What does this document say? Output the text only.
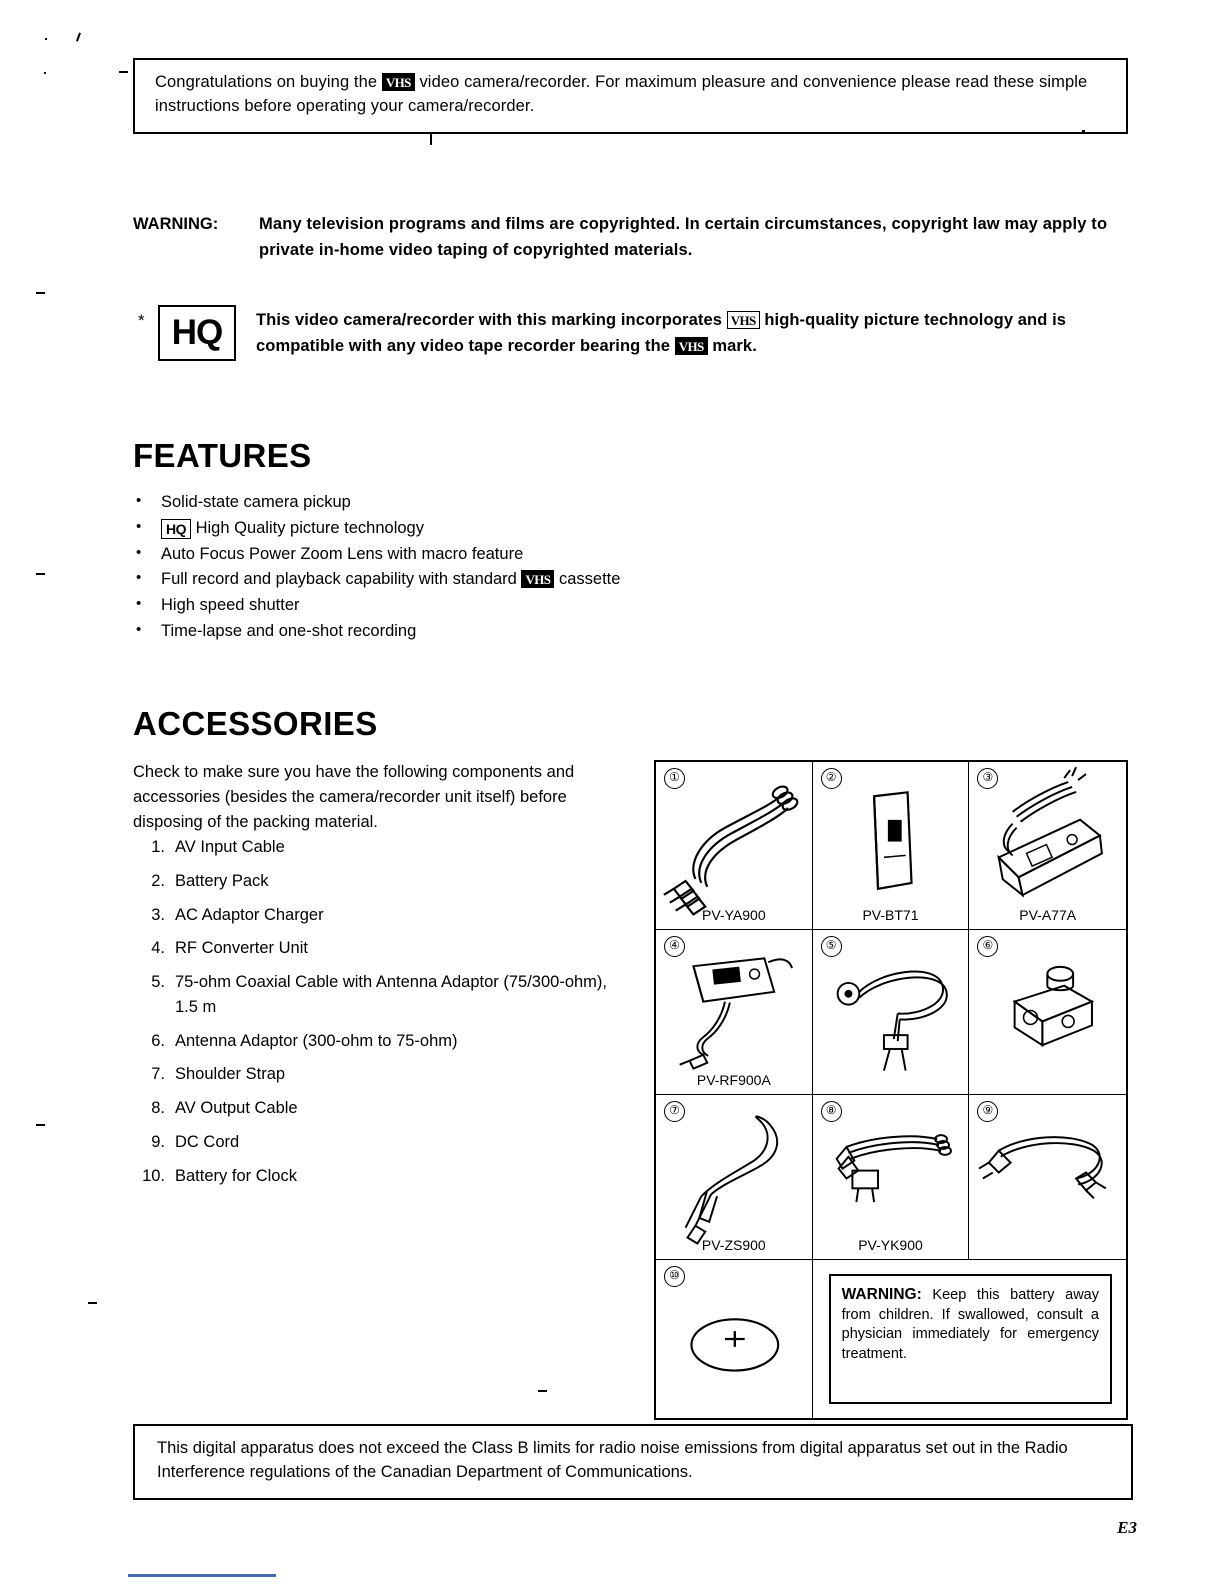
Congratulations on buying the VHS video camera/recorder. For maximum pleasure and convenience please read these simple instructions before operating your camera/recorder.
WARNING: Many television programs and films are copyrighted. In certain circumstances, copyright law may apply to private in-home video taping of copyrighted materials.
* HQ	This video camera/recorder with this marking incorporates VHS high-quality picture technology and is compatible with any video tape recorder bearing the VHS mark.
FEATURES
• Solid-state camera pickup
• HQ High Quality picture technology
• Auto Focus Power Zoom Lens with macro feature
• Full record and playback capability with standard VHS cassette
• High speed shutter
• Time-lapse and one-shot recording
ACCESSORIES
Check to make sure you have the following components and accessories (besides the camera/recorder unit itself) before disposing of the packing material.
1. AV Input Cable
2. Battery Pack
3. AC Adaptor Charger
4. RF Converter Unit
5. 75-ohm Coaxial Cable with Antenna Adaptor (75/300-ohm), 1.5 m
6. Antenna Adaptor (300-ohm to 75-ohm)
7. Shoulder Strap
8. AV Output Cable
9. DC Cord
10. Battery for Clock
①
PV-YA900
②
PV-BT71
③
PV-A77A
④
PV-RF900A
⑤	⑥
⑦
PV-ZS900
⑧
PV-YK900
⑨
⑩
WARNING: Keep this battery away from children. If swallowed, consult a physician immediately for emergency treatment.
This digital apparatus does not exceed the Class B limits for radio noise emissions from digital apparatus set out in the Radio Interference regulations of the Canadian Department of Communications.
E3
